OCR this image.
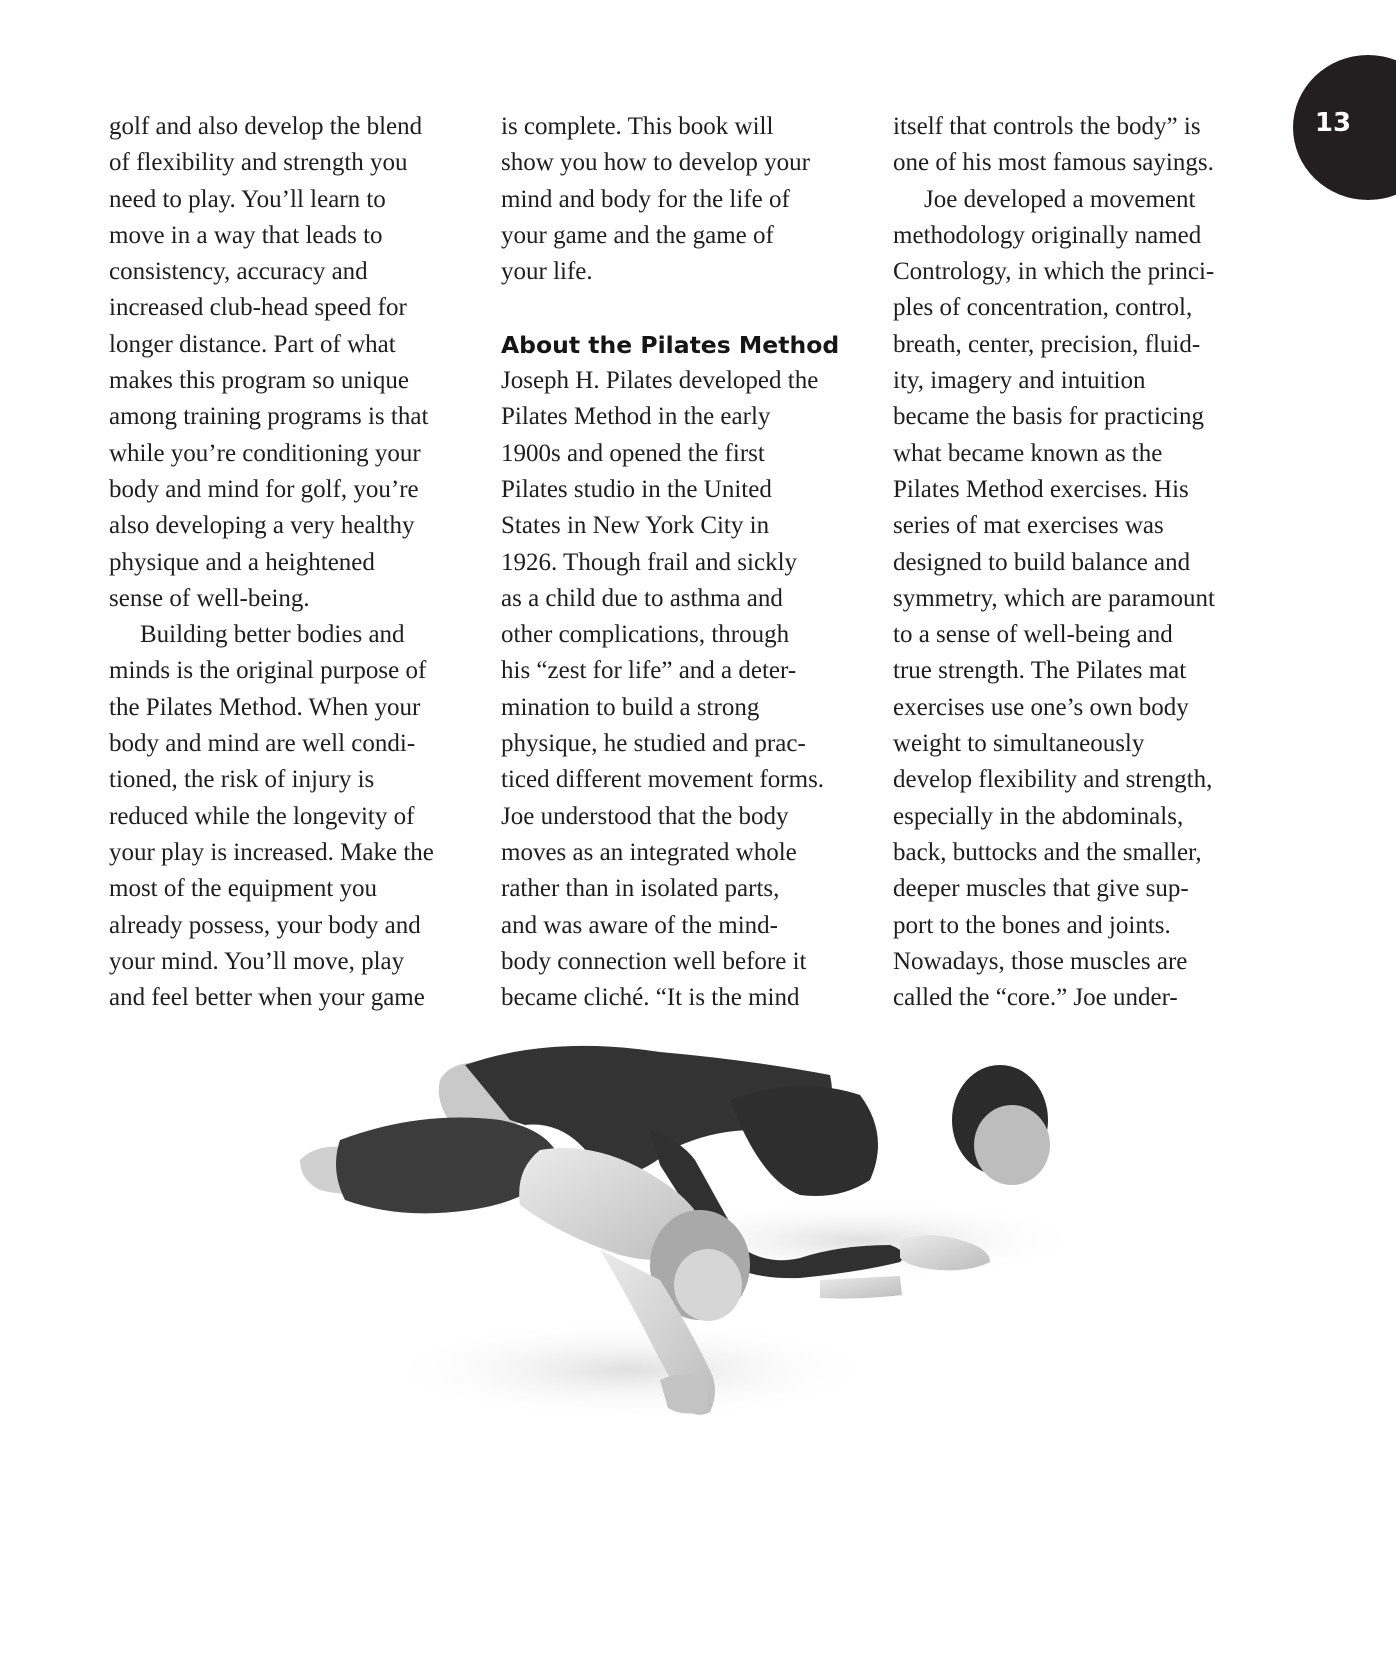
13
golf and also develop the blend
of flexibility and strength you
need to play. You’ll learn to
move in a way that leads to
consistency, accuracy and
increased club-head speed for
longer distance. Part of what
makes this program so unique
among training programs is that
while you’re conditioning your
body and mind for golf, you’re
also developing a very healthy
physique and a heightened
sense of well-being.
Building better bodies and
minds is the original purpose of
the Pilates Method. When your
body and mind are well condi-
tioned, the risk of injury is
reduced while the longevity of
your play is increased. Make the
most of the equipment you
already possess, your body and
your mind. You’ll move, play
and feel better when your game
is complete. This book will
show you how to develop your
mind and body for the life of
your game and the game of
your life.
About the Pilates Method
Joseph H. Pilates developed the
Pilates Method in the early
1900s and opened the first
Pilates studio in the United
States in New York City in
1926. Though frail and sickly
as a child due to asthma and
other complications, through
his “zest for life” and a deter-
mination to build a strong
physique, he studied and prac-
ticed different movement forms.
Joe understood that the body
moves as an integrated whole
rather than in isolated parts,
and was aware of the mind-
body connection well before it
became cliché. “It is the mind
itself that controls the body” is
one of his most famous sayings.
Joe developed a movement
methodology originally named
Contrology, in which the princi-
ples of concentration, control,
breath, center, precision, fluid-
ity, imagery and intuition
became the basis for practicing
what became known as the
Pilates Method exercises. His
series of mat exercises was
designed to build balance and
symmetry, which are paramount
to a sense of well-being and
true strength. The Pilates mat
exercises use one’s own body
weight to simultaneously
develop flexibility and strength,
especially in the abdominals,
back, buttocks and the smaller,
deeper muscles that give sup-
port to the bones and joints.
Nowadays, those muscles are
called the “core.” Joe under-
